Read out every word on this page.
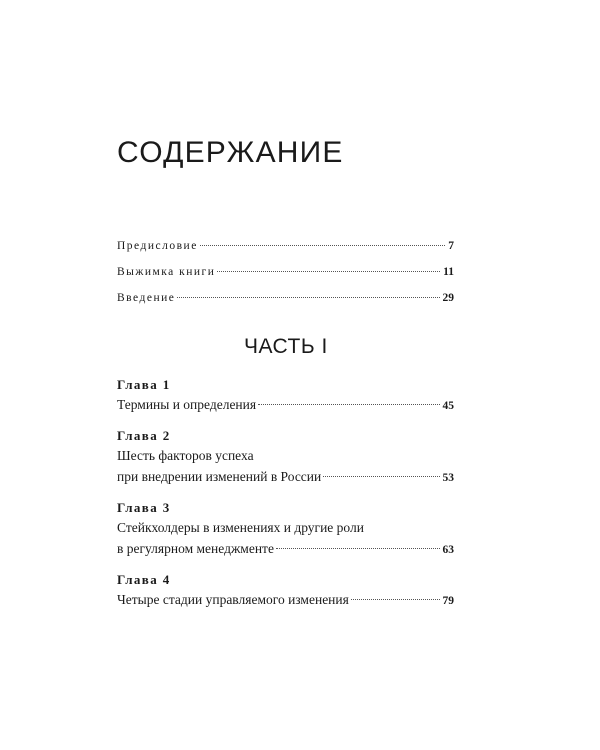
СОДЕРЖАНИЕ
Предисловие	7
Выжимка книги	11
Введение	29
ЧАСТЬ I
Глава 1
Термины и определения	45
Глава 2
Шесть факторов успеха
при внедрении изменений в России	53
Глава 3
Стейкхолдеры в изменениях и другие роли
в регулярном менеджменте	63
Глава 4
Четыре стадии управляемого изменения	79
